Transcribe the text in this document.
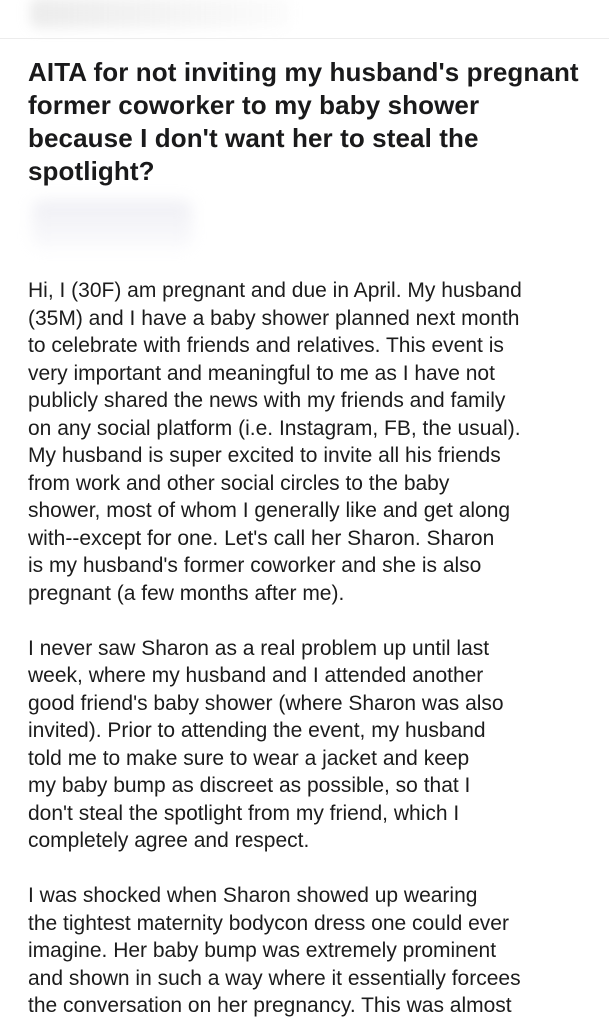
AITA for not inviting my husband's pregnant former coworker to my baby shower because I don't want her to steal the spotlight?

Hi, I (30F) am pregnant and due in April. My husband
(35M) and I have a baby shower planned next month
to celebrate with friends and relatives. This event is
very important and meaningful to me as I have not
publicly shared the news with my friends and family
on any social platform (i.e. Instagram, FB, the usual).
My husband is super excited to invite all his friends
from work and other social circles to the baby
shower, most of whom I generally like and get along
with--except for one. Let's call her Sharon. Sharon
is my husband's former coworker and she is also
pregnant (a few months after me).

I never saw Sharon as a real problem up until last
week, where my husband and I attended another
good friend's baby shower (where Sharon was also
invited). Prior to attending the event, my husband
told me to make sure to wear a jacket and keep
my baby bump as discreet as possible, so that I
don't steal the spotlight from my friend, which I
completely agree and respect.

I was shocked when Sharon showed up wearing
the tightest maternity bodycon dress one could ever
imagine. Her baby bump was extremely prominent
and shown in such a way where it essentially forcees
the conversation on her pregnancy. This was almost
